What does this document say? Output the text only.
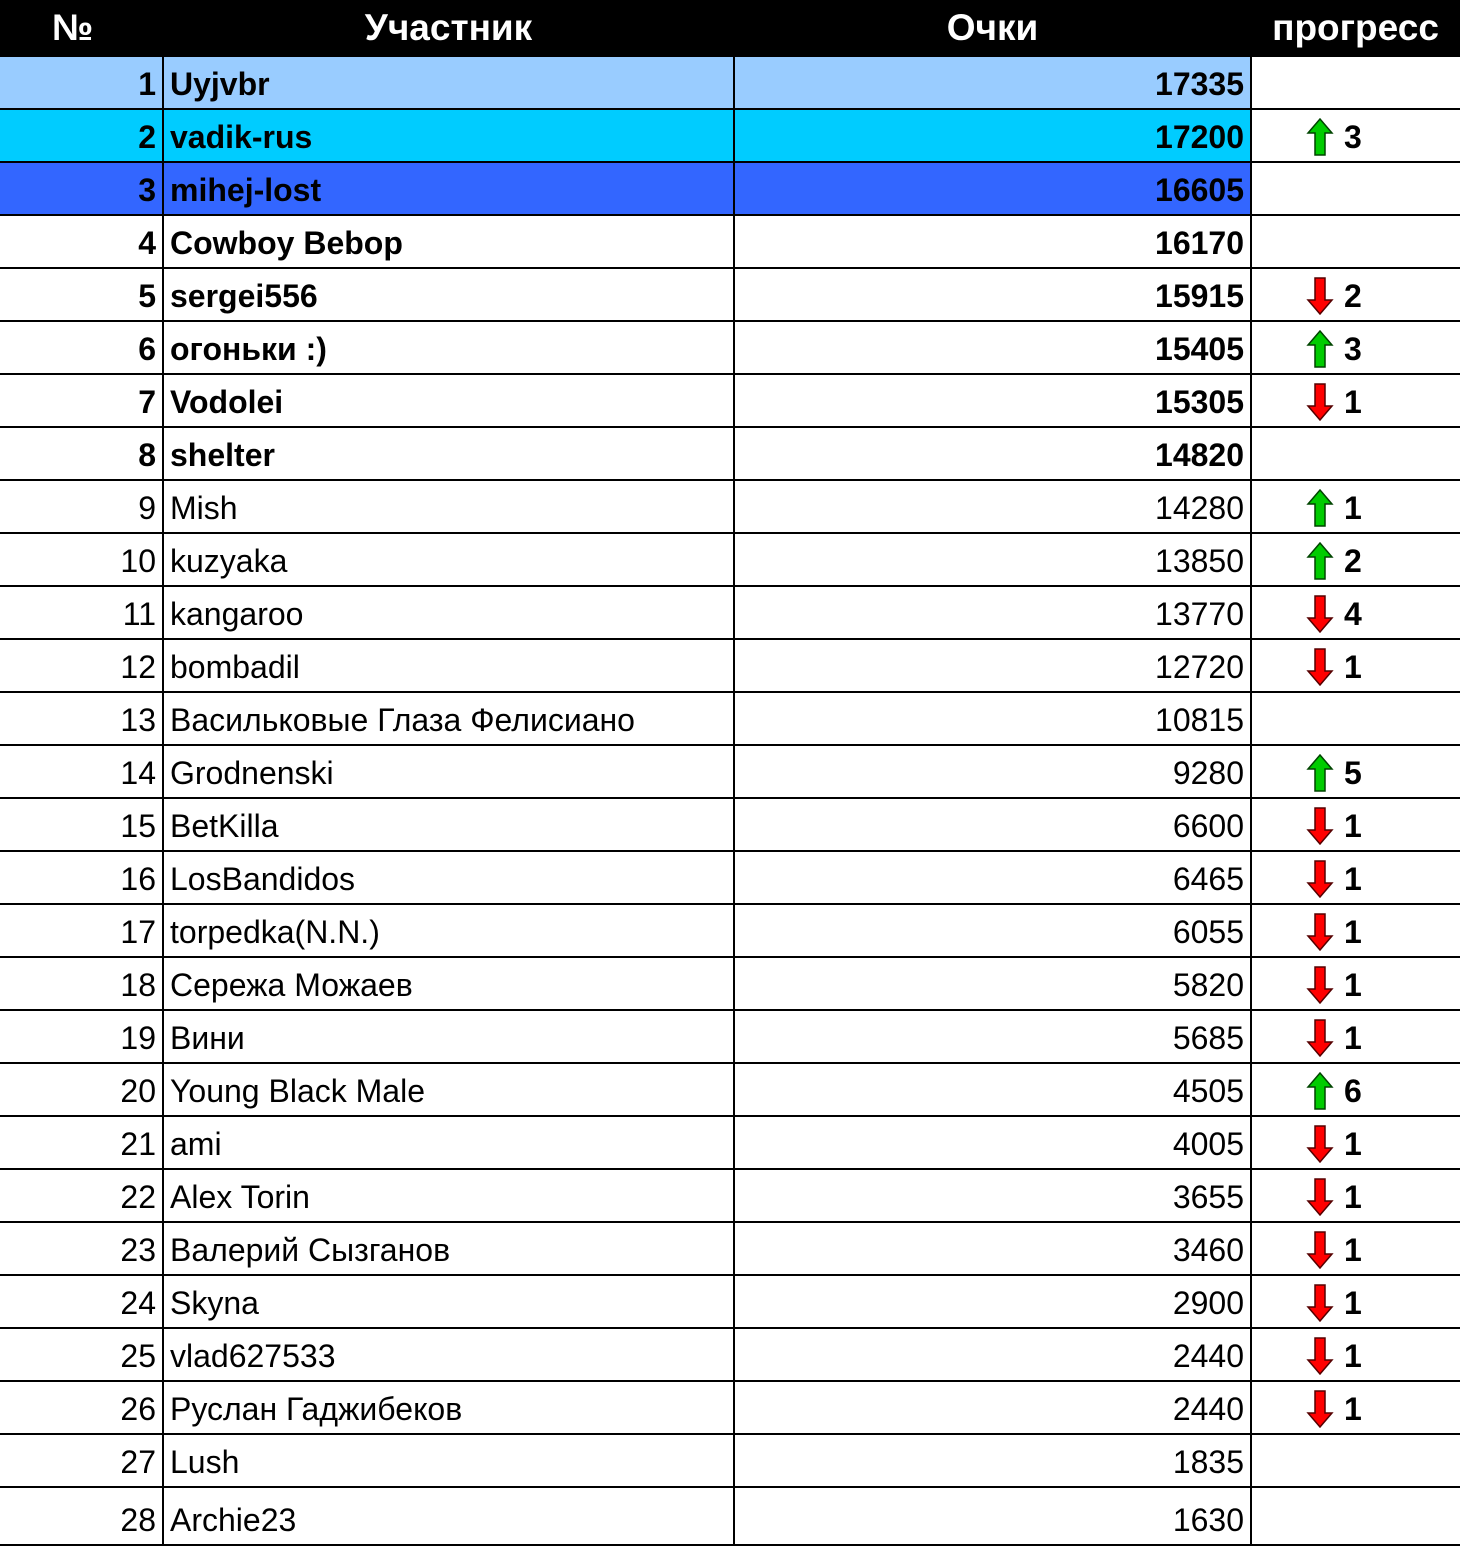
№	Участник	Очки	прогресс
1	Uyjvbr	17335	
2	vadik-rus	17200	3
3	mihej-lost	16605	
4	Cowboy Bebop	16170	
5	sergei556	15915	2
6	огоньки :)	15405	3
7	Vodolei	15305	1
8	shelter	14820	
9	Mish	14280	1
10	kuzyaka	13850	2
11	kangaroo	13770	4
12	bombadil	12720	1
13	Васильковые Глаза Фелисиано	10815	
14	Grodnenski	9280	5
15	BetKilla	6600	1
16	LosBandidos	6465	1
17	torpedka(N.N.)	6055	1
18	Сережа Можаев	5820	1
19	Вини	5685	1
20	Young Black Male	4505	6
21	ami	4005	1
22	Alex Torin	3655	1
23	Валерий Сызганов	3460	1
24	Skyna	2900	1
25	vlad627533	2440	1
26	Руслан Гаджибеков	2440	1
27	Lush	1835	
28	Archie23	1630	
